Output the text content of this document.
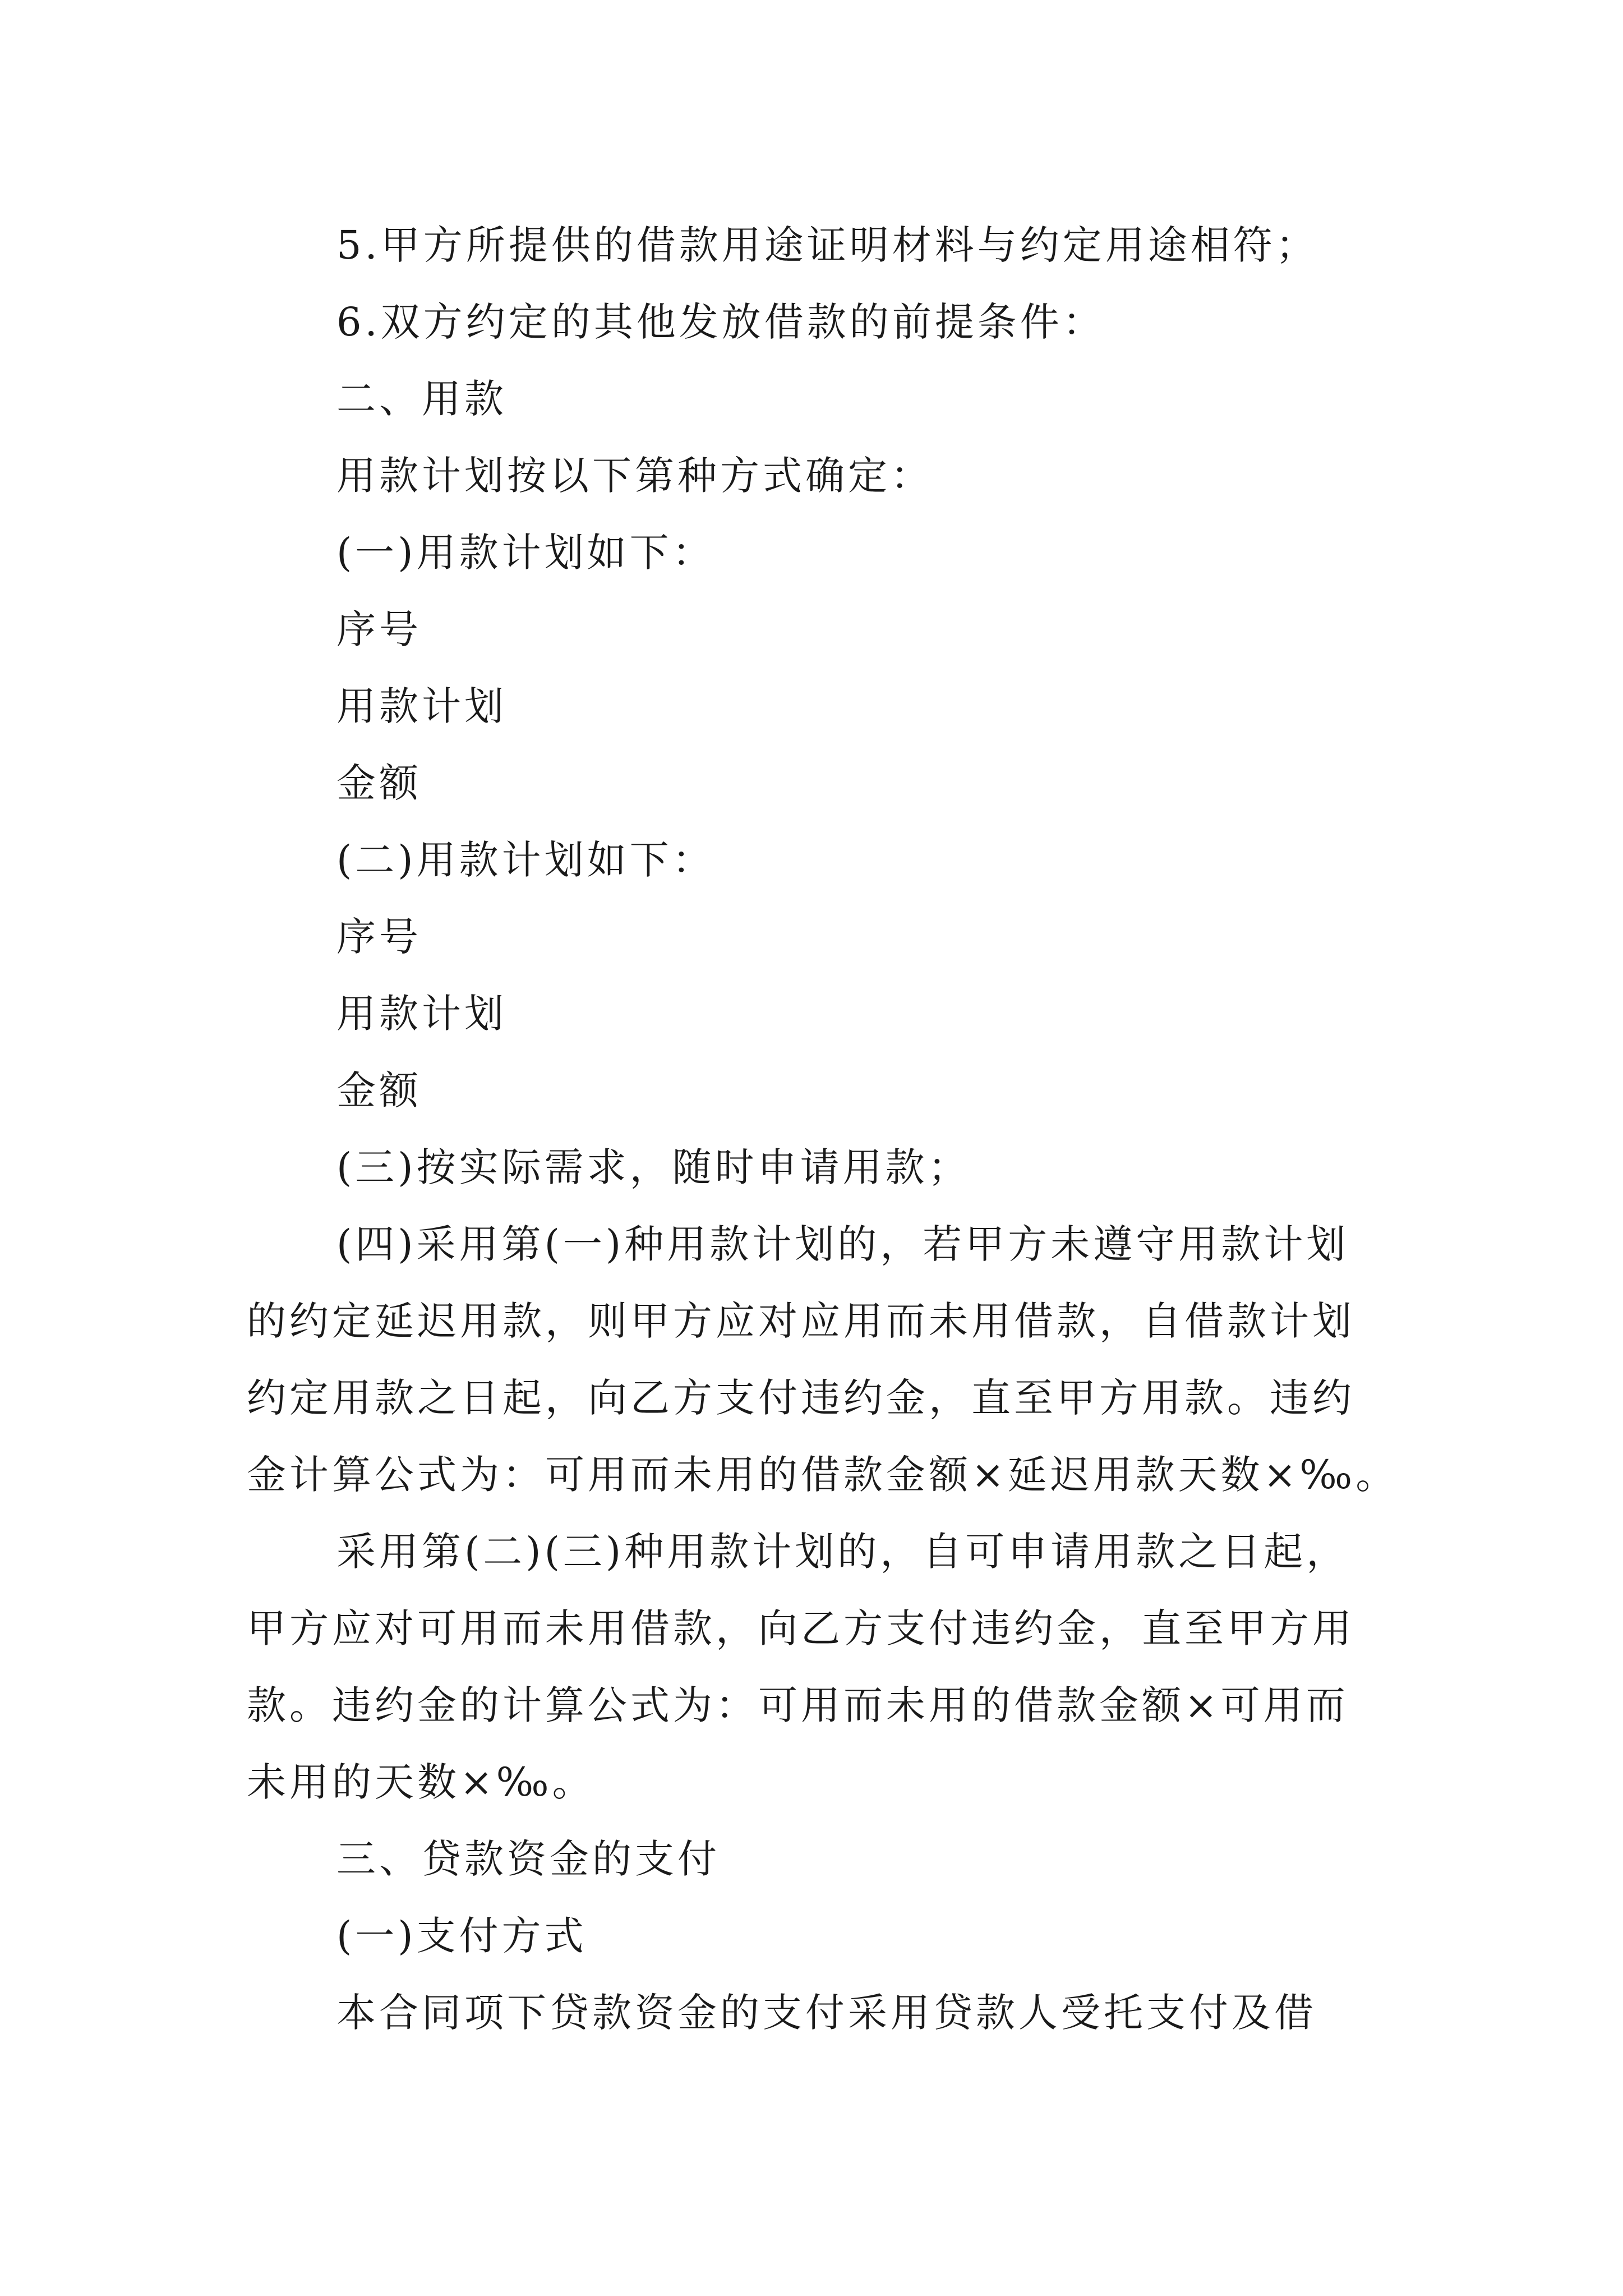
5.甲方所提供的借款用途证明材料与约定用途相符；
6.双方约定的其他发放借款的前提条件：
二、用款
用款计划按以下第种方式确定：
(一)用款计划如下：
序号
用款计划
金额
(二)用款计划如下：
序号
用款计划
金额
(三)按实际需求，随时申请用款；
(四)采用第(一)种用款计划的，若甲方未遵守用款计划
的约定延迟用款，则甲方应对应用而未用借款，自借款计划
约定用款之日起，向乙方支付违约金，直至甲方用款。违约
金计算公式为：可用而未用的借款金额×延迟用款天数×‰。
采用第(二)(三)种用款计划的，自可申请用款之日起，
甲方应对可用而未用借款，向乙方支付违约金，直至甲方用
款。违约金的计算公式为：可用而未用的借款金额×可用而
未用的天数×‰。
三、贷款资金的支付
(一)支付方式
本合同项下贷款资金的支付采用贷款人受托支付及借
